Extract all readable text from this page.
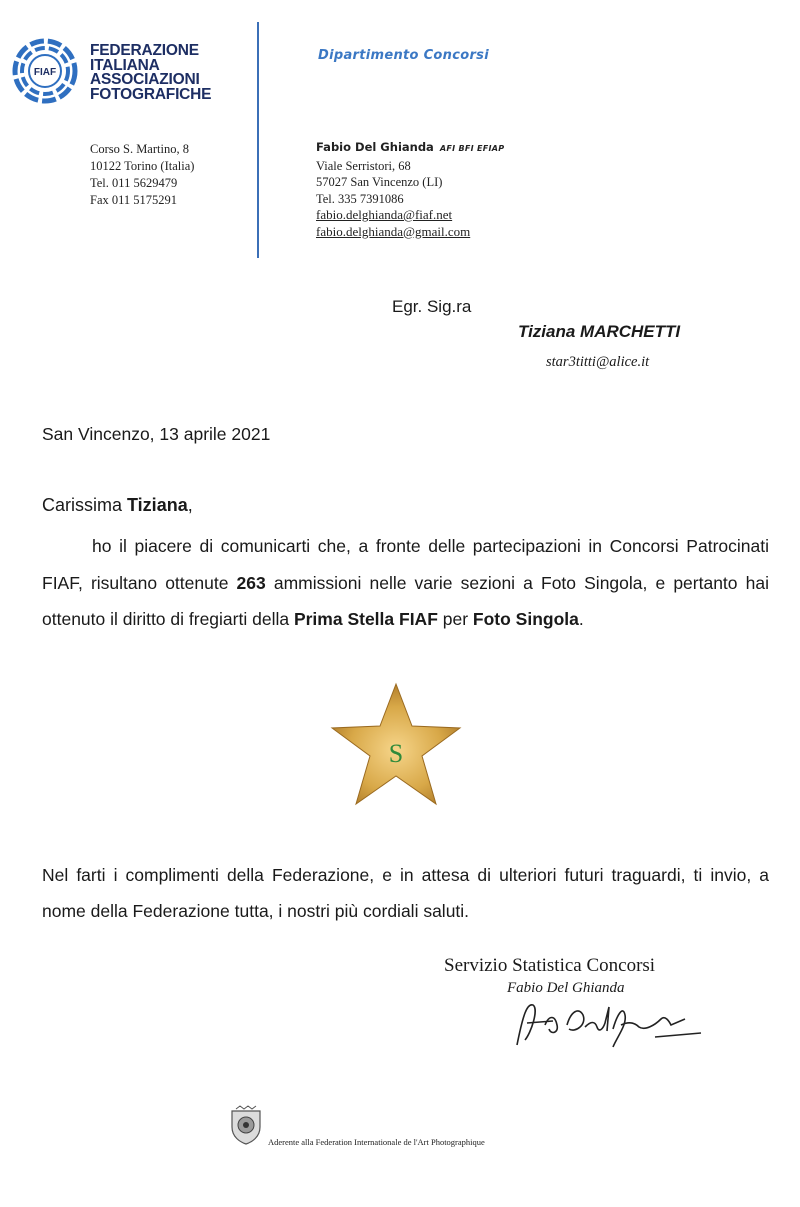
FIAF
FEDERAZIONE
ITALIANA
ASSOCIAZIONI
FOTOGRAFICHE
Dipartimento Concorsi
Corso S. Martino, 8
10122 Torino (Italia)
Tel. 011 5629479
Fax 011 5175291
Fabio Del Ghianda AFI BFI EFIAP
Viale Serristori, 68
57027 San Vincenzo (LI)
Tel. 335 7391086
fabio.delghianda@fiaf.net
fabio.delghianda@gmail.com
Egr. Sig.ra
Tiziana MARCHETTI
star3titti@alice.it
San Vincenzo, 13 aprile 2021
Carissima Tiziana,
ho il piacere di comunicarti che, a fronte delle partecipazioni in Concorsi Patrocinati FIAF, risultano ottenute 263 ammissioni nelle varie sezioni a Foto Singola, e pertanto hai ottenuto il diritto di fregiarti della Prima Stella FIAF per Foto Singola.
S
Nel farti i complimenti della Federazione, e in attesa di ulteriori futuri traguardi, ti invio, a nome della Federazione tutta, i nostri più cordiali saluti.
Servizio Statistica Concorsi
Fabio Del Ghianda
Aderente alla Federation Internationale de l'Art Photographique
